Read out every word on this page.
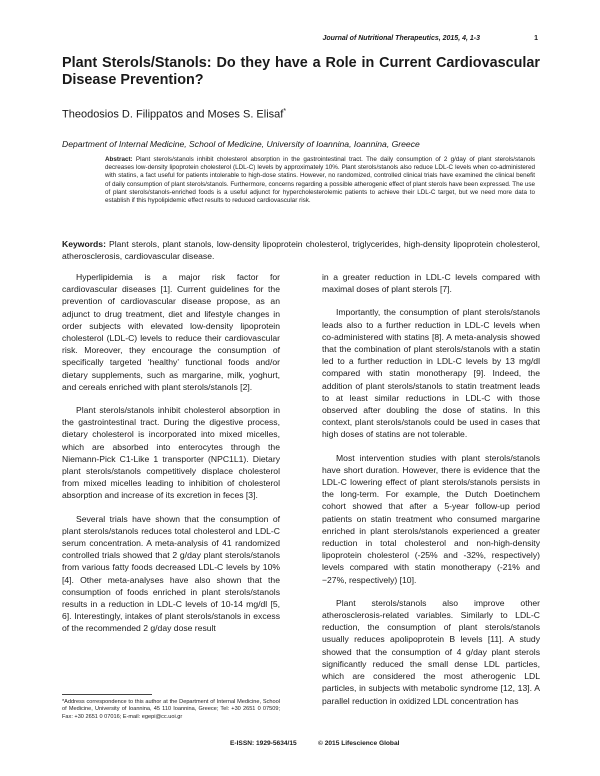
Journal of Nutritional Therapeutics, 2015, 4, 1-3	1
Plant Sterols/Stanols: Do they have a Role in Current Cardiovascular Disease Prevention?
Theodosios D. Filippatos and Moses S. Elisaf*
Department of Internal Medicine, School of Medicine, University of Ioannina, Ioannina, Greece
Abstract: Plant sterols/stanols inhibit cholesterol absorption in the gastrointestinal tract. The daily consumption of 2 g/day of plant sterols/stanols decreases low-density lipoprotein cholesterol (LDL-C) levels by approximately 10%. Plant sterols/stanols also reduce LDL-C levels when co-administered with statins, a fact useful for patients intolerable to high-dose statins. However, no randomized, controlled clinical trials have examined the clinical benefit of daily consumption of plant sterols/stanols. Furthermore, concerns regarding a possible atherogenic effect of plant sterols have been expressed. The use of plant sterols/stanols-enriched foods is a useful adjunct for hypercholesterolemic patients to achieve their LDL-C target, but we need more data to establish if this hypolipidemic effect results to reduced cardiovascular risk.
Keywords: Plant sterols, plant stanols, low-density lipoprotein cholesterol, triglycerides, high-density lipoprotein cholesterol, atherosclerosis, cardiovascular disease.

Hyperlipidemia is a major risk factor for cardiovascular diseases [1]. Current guidelines for the prevention of cardiovascular disease propose, as an adjunct to drug treatment, diet and lifestyle changes in order subjects with elevated low-density lipoprotein cholesterol (LDL-C) levels to reduce their cardiovascular risk. Moreover, they encourage the consumption of specifically targeted ‘healthy’ functional foods and/or dietary supplements, such as margarine, milk, yoghurt, and cereals enriched with plant sterols/stanols [2].

Plant sterols/stanols inhibit cholesterol absorption in the gastrointestinal tract. During the digestive process, dietary cholesterol is incorporated into mixed micelles, which are absorbed into enterocytes through the Niemann-Pick C1-Like 1 transporter (NPC1L1). Dietary plant sterols/stanols competitively displace cholesterol from mixed micelles leading to inhibition of cholesterol absorption and increase of its excretion in feces [3].

Several trials have shown that the consumption of plant sterols/stanols reduces total cholesterol and LDL-C serum concentration. A meta-analysis of 41 randomized controlled trials showed that 2 g/day plant sterols/stanols from various fatty foods decreased LDL-C levels by 10% [4]. Other meta-analyses have also shown that the consumption of foods enriched in plant sterols/stanols results in a reduction in LDL-C levels of 10-14 mg/dl [5, 6]. Interestingly, intakes of plant sterols/stanols in excess of the recommended 2 g/day dose result

*Address correspondence to this author at the Department of Internal Medicine, School of Medicine, University of Ioannina, 45 110 Ioannina, Greece; Tel: +30 2651 0 07509; Fax: +30 2651 0 07016; E-mail: egepi@cc.uoi.gr

in a greater reduction in LDL-C levels compared with maximal doses of plant sterols [7].

Importantly, the consumption of plant sterols/stanols leads also to a further reduction in LDL-C levels when co-administered with statins [8]. A meta-analysis showed that the combination of plant sterols/stanols with a statin led to a further reduction in LDL-C levels by 13 mg/dl compared with statin monotherapy [9]. Indeed, the addition of plant sterols/stanols to statin treatment leads to at least similar reductions in LDL-C with those observed after doubling the dose of statins. In this context, plant sterols/stanols could be used in cases that high doses of statins are not tolerable.

Most intervention studies with plant sterols/stanols have short duration. However, there is evidence that the LDL-C lowering effect of plant sterols/stanols persists in the long-term. For example, the Dutch Doetinchem cohort showed that after a 5-year follow-up period patients on statin treatment who consumed margarine enriched in plant sterols/stanols experienced a greater reduction in total cholesterol and non-high-density lipoprotein cholesterol (-25% and -32%, respectively) levels compared with statin monotherapy (-21% and −27%, respectively) [10].

Plant sterols/stanols also improve other atherosclerosis-related variables. Similarly to LDL-C reduction, the consumption of plant sterols/stanols usually reduces apolipoprotein B levels [11]. A study showed that the consumption of 4 g/day plant sterols significantly reduced the small dense LDL particles, which are considered the most atherogenic LDL particles, in subjects with metabolic syndrome [12, 13]. A parallel reduction in oxidized LDL concentration has

E-ISSN: 1929-5634/15	© 2015 Lifescience Global
